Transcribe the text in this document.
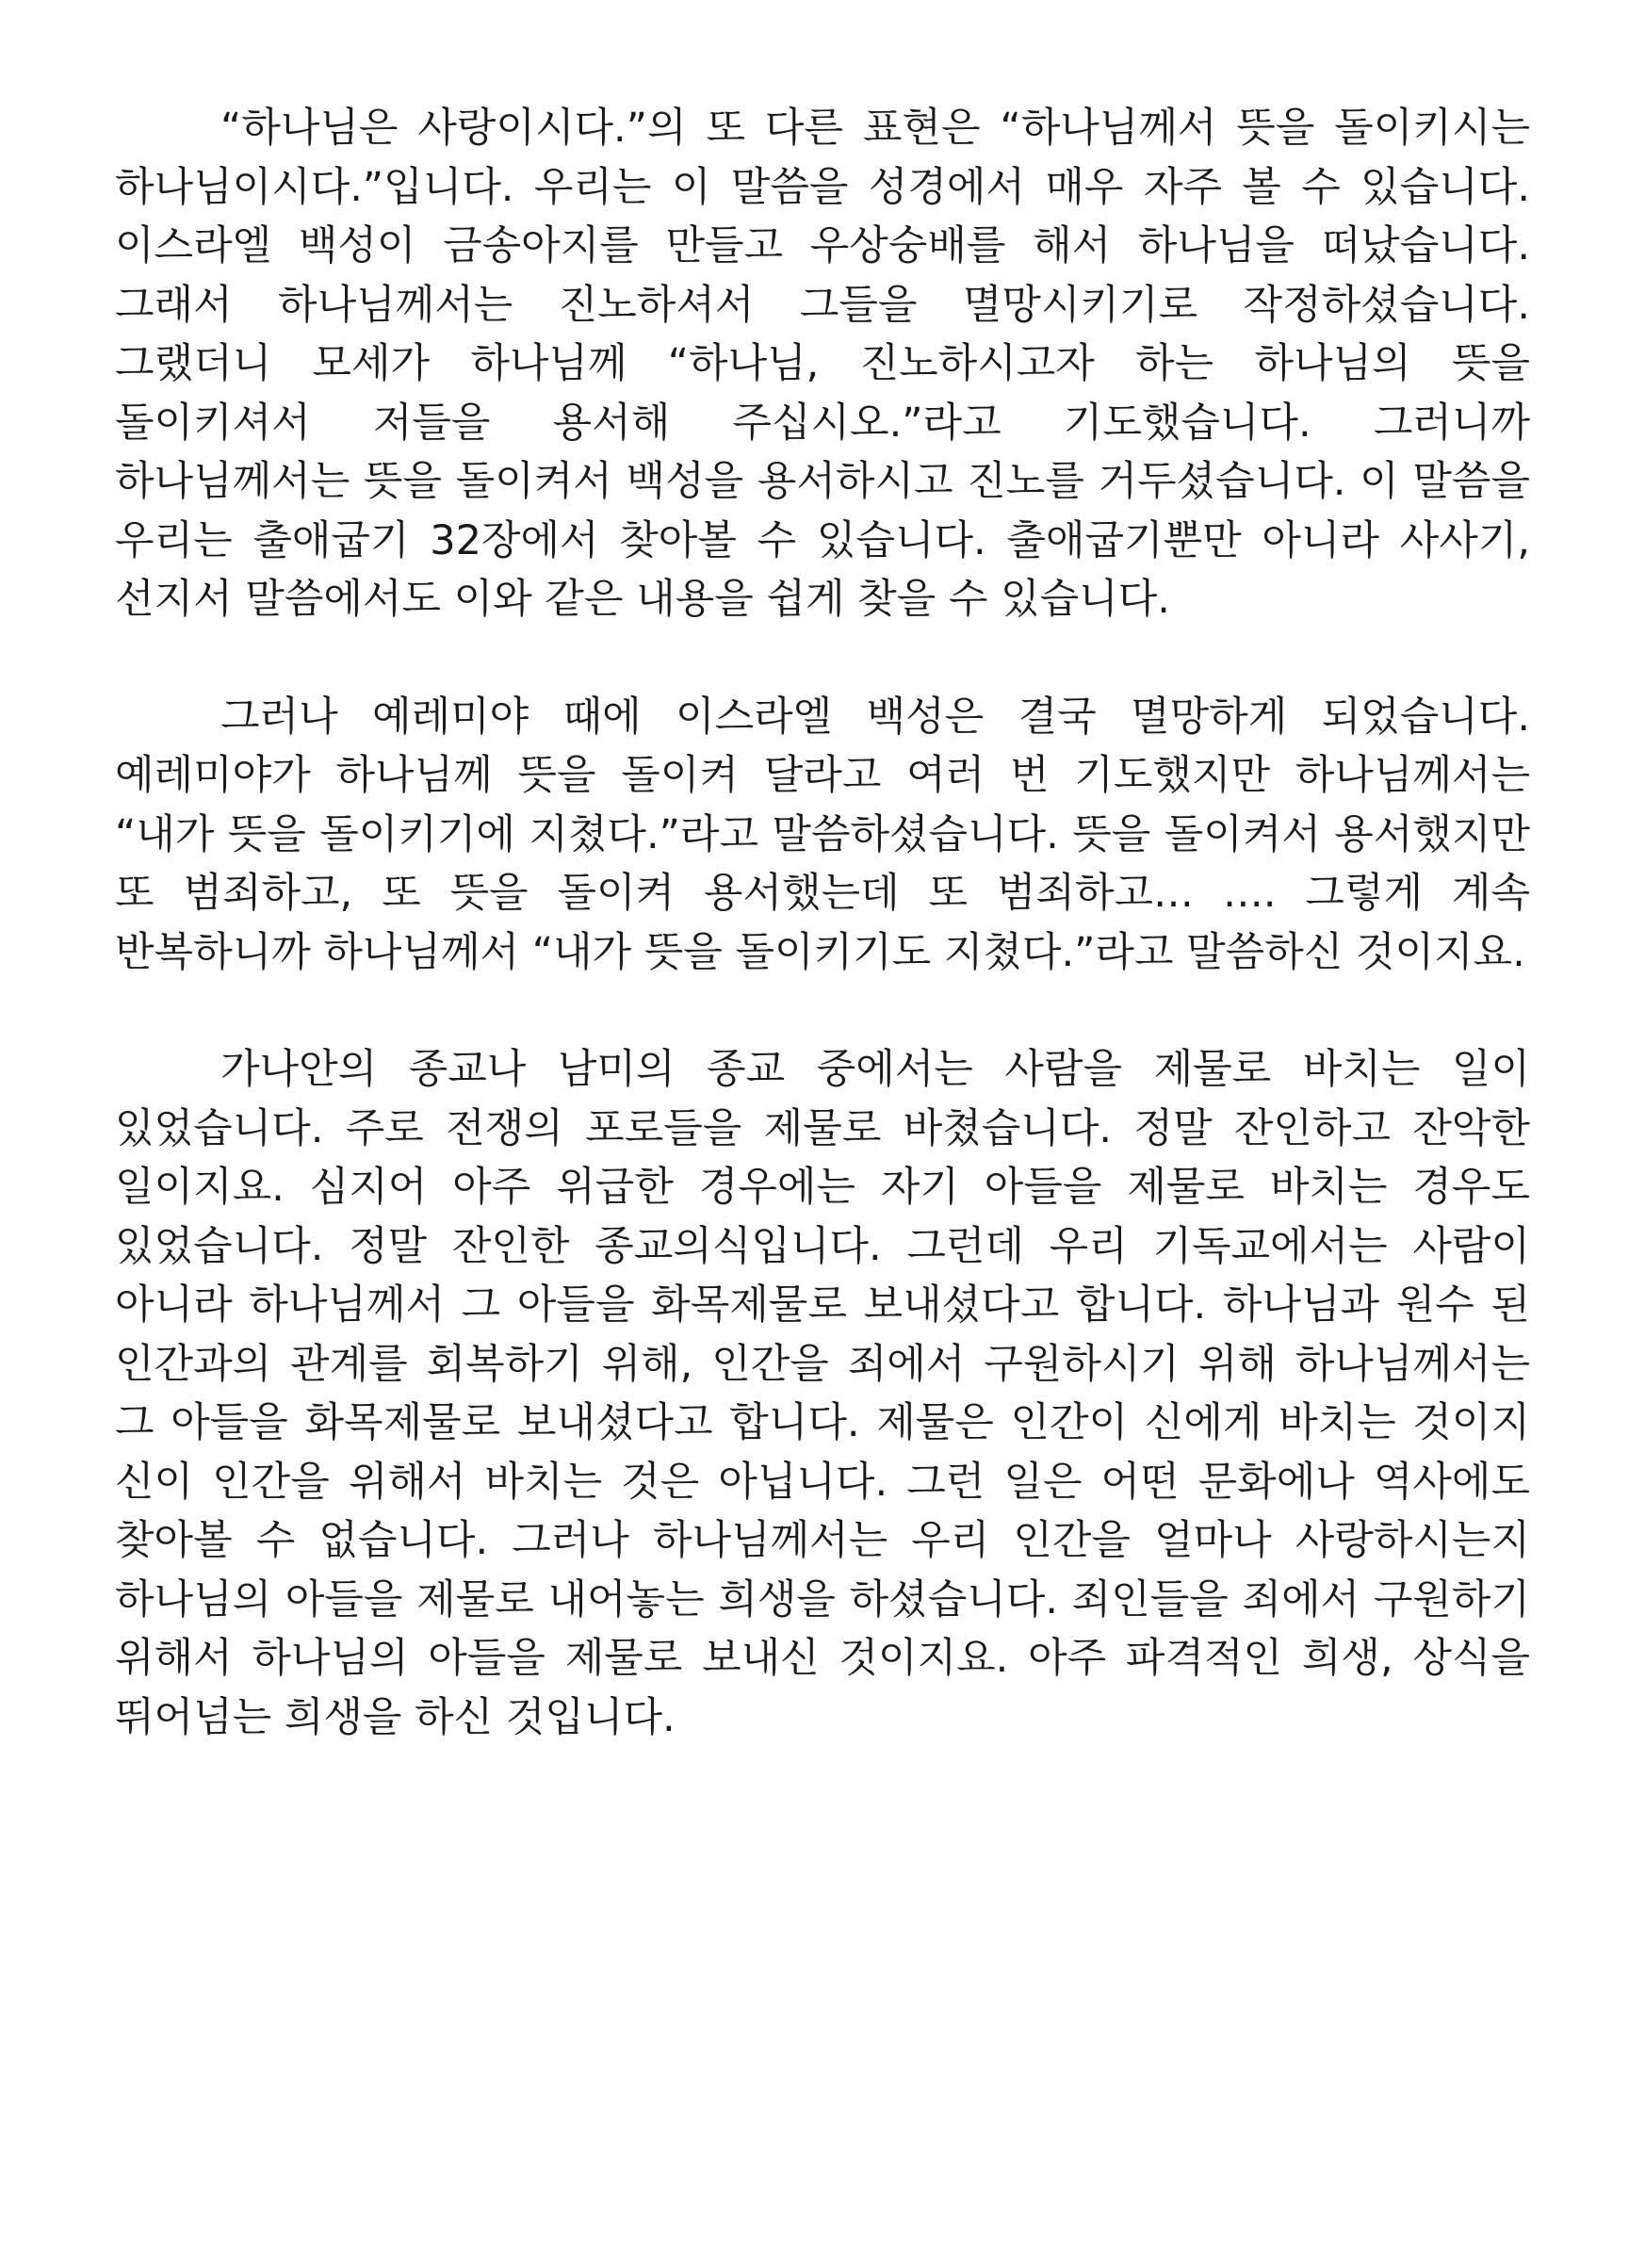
“하나님은 사랑이시다.”의 또 다른 표현은 “하나님께서 뜻을 돌이키시는 하나님이시다.”입니다. 우리는 이 말씀을 성경에서 매우 자주 볼 수 있습니다. 이스라엘 백성이 금송아지를 만들고 우상숭배를 해서 하나님을 떠났습니다. 그래서 하나님께서는 진노하셔서 그들을 멸망시키기로 작정하셨습니다. 그랬더니 모세가 하나님께 “하나님, 진노하시고자 하는 하나님의 뜻을 돌이키셔서 저들을 용서해 주십시오.”라고 기도했습니다. 그러니까 하나님께서는 뜻을 돌이켜서 백성을 용서하시고 진노를 거두셨습니다. 이 말씀을 우리는 출애굽기 32장에서 찾아볼 수 있습니다. 출애굽기뿐만 아니라 사사기, 선지서 말씀에서도 이와 같은 내용을 쉽게 찾을 수 있습니다.

그러나 예레미야 때에 이스라엘 백성은 결국 멸망하게 되었습니다. 예레미야가 하나님께 뜻을 돌이켜 달라고 여러 번 기도했지만 하나님께서는 “내가 뜻을 돌이키기에 지쳤다.”라고 말씀하셨습니다. 뜻을 돌이켜서 용서했지만 또 범죄하고, 또 뜻을 돌이켜 용서했는데 또 범죄하고… …. 그렇게 계속 반복하니까 하나님께서 “내가 뜻을 돌이키기도 지쳤다.”라고 말씀하신 것이지요.

가나안의 종교나 남미의 종교 중에서는 사람을 제물로 바치는 일이 있었습니다. 주로 전쟁의 포로들을 제물로 바쳤습니다. 정말 잔인하고 잔악한 일이지요. 심지어 아주 위급한 경우에는 자기 아들을 제물로 바치는 경우도 있었습니다. 정말 잔인한 종교의식입니다. 그런데 우리 기독교에서는 사람이 아니라 하나님께서 그 아들을 화목제물로 보내셨다고 합니다. 하나님과 원수 된 인간과의 관계를 회복하기 위해, 인간을 죄에서 구원하시기 위해 하나님께서는 그 아들을 화목제물로 보내셨다고 합니다. 제물은 인간이 신에게 바치는 것이지 신이 인간을 위해서 바치는 것은 아닙니다. 그런 일은 어떤 문화에나 역사에도 찾아볼 수 없습니다. 그러나 하나님께서는 우리 인간을 얼마나 사랑하시는지 하나님의 아들을 제물로 내어놓는 희생을 하셨습니다. 죄인들을 죄에서 구원하기 위해서 하나님의 아들을 제물로 보내신 것이지요. 아주 파격적인 희생, 상식을 뛰어넘는 희생을 하신 것입니다.
